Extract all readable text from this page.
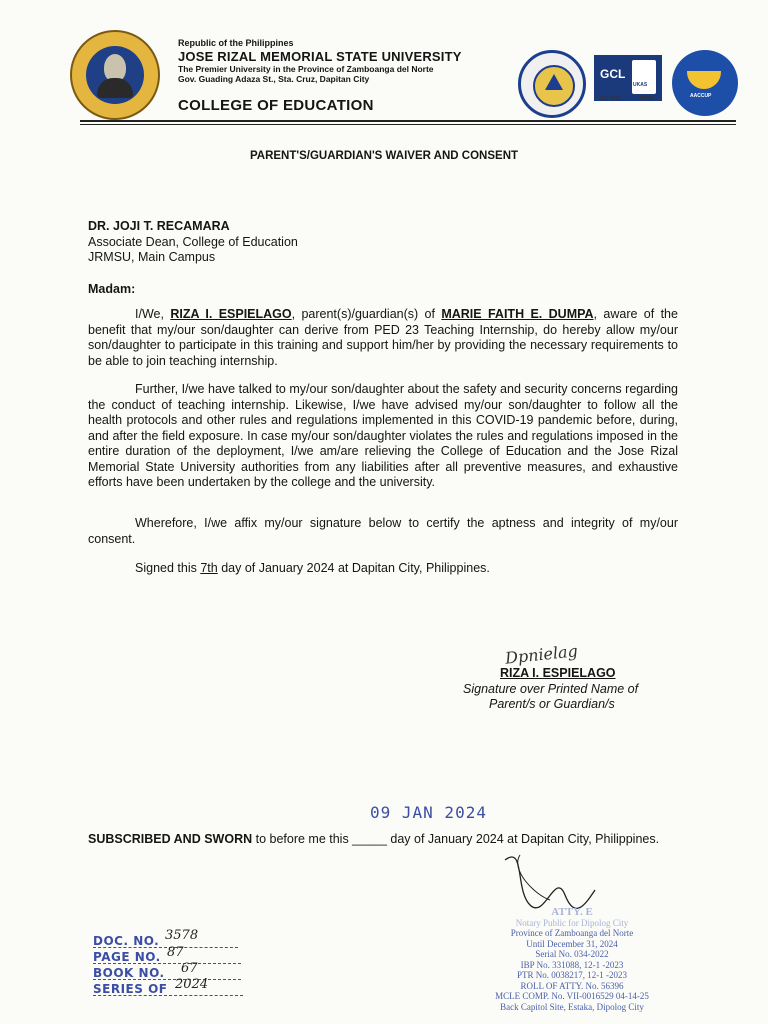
Republic of the Philippines
JOSE RIZAL MEMORIAL STATE UNIVERSITY
The Premier University in the Province of Zamboanga del Norte
Gov. Guading Adaza St., Sta. Cruz, Dapitan City
COLLEGE OF EDUCATION
GCL
UKAS
ISO 9001	EPAS	AACCUP
PARENT'S/GUARDIAN'S WAIVER AND CONSENT
DR. JOJI T. RECAMARA
Associate Dean, College of Education
JRMSU, Main Campus
Madam:
I/We, RIZA I. ESPIELAGO, parent(s)/guardian(s) of MARIE FAITH E. DUMPA, aware of the benefit that my/our son/daughter can derive from PED 23 Teaching Internship, do hereby allow my/our son/daughter to participate in this training and support him/her by providing the necessary requirements to be able to join teaching internship.
Further, I/we have talked to my/our son/daughter about the safety and security concerns regarding the conduct of teaching internship. Likewise, I/we have advised my/our son/daughter to follow all the health protocols and other rules and regulations implemented in this COVID-19 pandemic before, during, and after the field exposure. In case my/our son/daughter violates the rules and regulations imposed in the entire duration of the deployment, I/we am/are relieving the College of Education and the Jose Rizal Memorial State University authorities from any liabilities after all preventive measures, and exhaustive efforts have been undertaken by the college and the university.
Wherefore, I/we affix my/our signature below to certify the aptness and integrity of my/our consent.
Signed this 7th day of January 2024 at Dapitan City, Philippines.
Dpnielag
RIZA I. ESPIELAGO
Signature over Printed Name of
Parent/s or Guardian/s
09 JAN 2024
SUBSCRIBED AND SWORN to before me this _____ day of January 2024 at Dapitan City, Philippines.
ATTY. E
Notary Public for Dipolog City
Province of Zamboanga del Norte
Until December 31, 2024
Serial No. 034-2022
IBP No. 331088, 12-1 -2023
PTR No. 0038217, 12-1 -2023
ROLL OF ATTY. No. 56396
MCLE COMP. No. VII-0016529 04-14-25
Back Capitol Site, Estaka, Dipolog City
DOC. NO. 3578
PAGE NO. 87
BOOK NO. 67
SERIES OF 2024
